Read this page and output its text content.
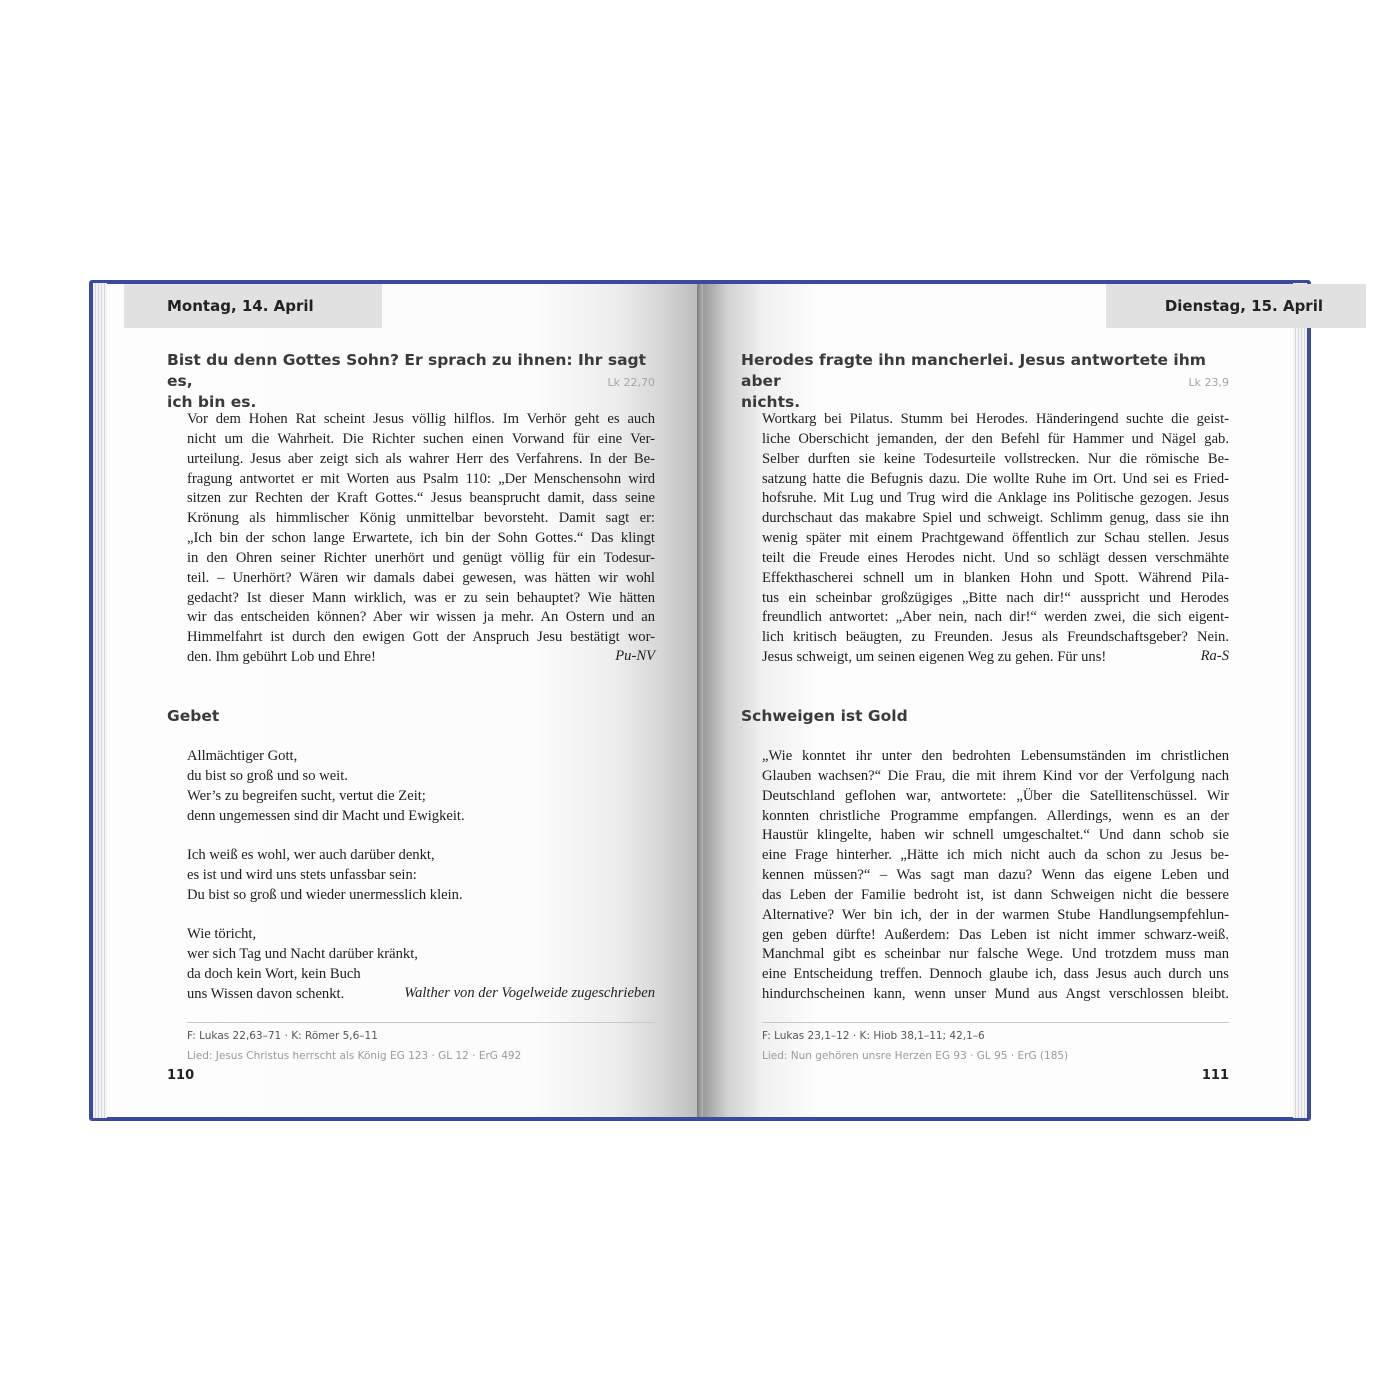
Montag, 14. April

Bist du denn Gottes Sohn? Er sprach zu ihnen: Ihr sagt es,
ich bin es.

Lk 22,70
Vor dem Hohen Rat scheint Jesus völlig hilflos. Im Verhör geht es auch
nicht um die Wahrheit. Die Richter suchen einen Vorwand für eine Ver-
urteilung. Jesus aber zeigt sich als wahrer Herr des Verfahrens. In der Be-
fragung antwortet er mit Worten aus Psalm 110: „Der Menschensohn wird
sitzen zur Rechten der Kraft Gottes.“ Jesus beansprucht damit, dass seine
Krönung als himmlischer König unmittelbar bevorsteht. Damit sagt er:
„Ich bin der schon lange Erwartete, ich bin der Sohn Gottes.“ Das klingt
in den Ohren seiner Richter unerhört und genügt völlig für ein Todesur-
teil. – Unerhört? Wären wir damals dabei gewesen, was hätten wir wohl
gedacht? Ist dieser Mann wirklich, was er zu sein behauptet? Wie hätten
wir das entscheiden können? Aber wir wissen ja mehr. An Ostern und an
Himmelfahrt ist durch den ewigen Gott der Anspruch Jesu bestätigt wor-
den. Ihm gebührt Lob und Ehre!	Pu-NV
Gebet
Allmächtiger Gott,
du bist so groß und so weit.
Wer’s zu begreifen sucht, vertut die Zeit;
denn ungemessen sind dir Macht und Ewigkeit.
Ich weiß es wohl, wer auch darüber denkt,
es ist und wird uns stets unfassbar sein:
Du bist so groß und wieder unermesslich klein.
Wie töricht,
wer sich Tag und Nacht darüber kränkt,
da doch kein Wort, kein Buch
uns Wissen davon schenkt.	Walther von der Vogelweide zugeschrieben
F: Lukas 22,63–71 · K: Römer 5,6–11
Lied: Jesus Christus herrscht als König EG 123 · GL 12 · ErG 492
110
Dienstag, 15. April

Herodes fragte ihn mancherlei. Jesus antwortete ihm aber
nichts.

Lk 23,9
Wortkarg bei Pilatus. Stumm bei Herodes. Händeringend suchte die geist-
liche Oberschicht jemanden, der den Befehl für Hammer und Nägel gab.
Selber durften sie keine Todesurteile vollstrecken. Nur die römische Be-
satzung hatte die Befugnis dazu. Die wollte Ruhe im Ort. Und sei es Fried-
hofsruhe. Mit Lug und Trug wird die Anklage ins Politische gezogen. Jesus
durchschaut das makabre Spiel und schweigt. Schlimm genug, dass sie ihn
wenig später mit einem Prachtgewand öffentlich zur Schau stellen. Jesus
teilt die Freude eines Herodes nicht. Und so schlägt dessen verschmähte
Effekthascherei schnell um in blanken Hohn und Spott. Während Pila-
tus ein scheinbar großzügiges „Bitte nach dir!“ ausspricht und Herodes
freundlich antwortet: „Aber nein, nach dir!“ werden zwei, die sich eigent-
lich kritisch beäugten, zu Freunden. Jesus als Freundschaftsgeber? Nein.
Jesus schweigt, um seinen eigenen Weg zu gehen. Für uns!	Ra-S
Schweigen ist Gold
„Wie konntet ihr unter den bedrohten Lebensumständen im christlichen
Glauben wachsen?“ Die Frau, die mit ihrem Kind vor der Verfolgung nach
Deutschland geflohen war, antwortete: „Über die Satellitenschüssel. Wir
konnten christliche Programme empfangen. Allerdings, wenn es an der
Haustür klingelte, haben wir schnell umgeschaltet.“ Und dann schob sie
eine Frage hinterher. „Hätte ich mich nicht auch da schon zu Jesus be-
kennen müssen?“ – Was sagt man dazu? Wenn das eigene Leben und
das Leben der Familie bedroht ist, ist dann Schweigen nicht die bessere
Alternative? Wer bin ich, der in der warmen Stube Handlungsempfehlun-
gen geben dürfte! Außerdem: Das Leben ist nicht immer schwarz-weiß.
Manchmal gibt es scheinbar nur falsche Wege. Und trotzdem muss man
eine Entscheidung treffen. Dennoch glaube ich, dass Jesus auch durch uns
hindurchscheinen kann, wenn unser Mund aus Angst verschlossen bleibt.
F: Lukas 23,1–12 · K: Hiob 38,1–11; 42,1–6
Lied: Nun gehören unsre Herzen EG 93 · GL 95 · ErG (185)
111
